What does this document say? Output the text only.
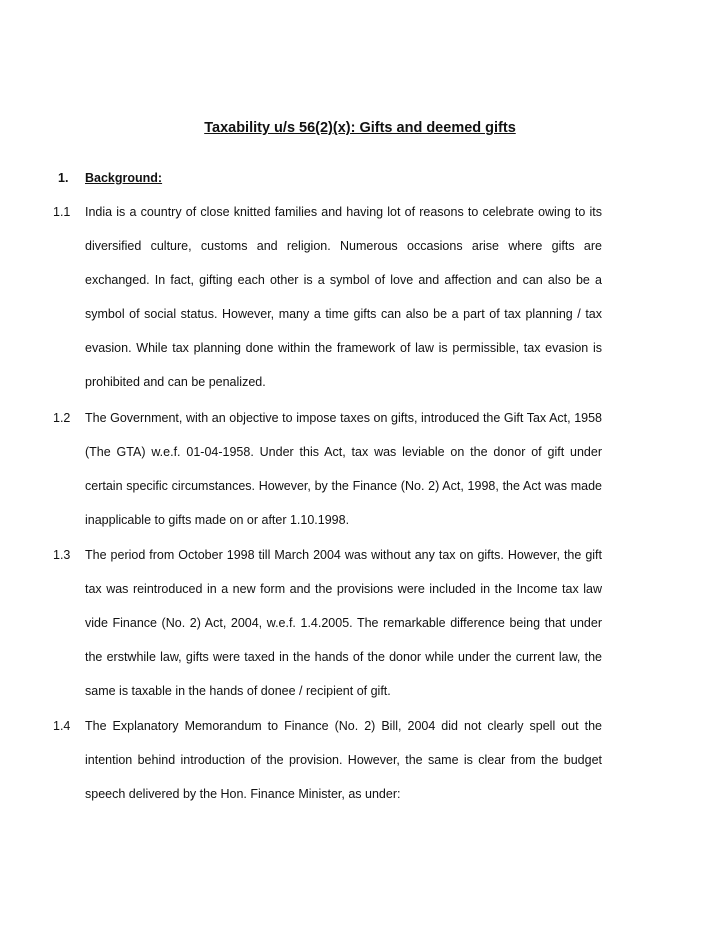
Taxability u/s 56(2)(x): Gifts and deemed gifts
1. Background:
1.1 India is a country of close knitted families and having lot of reasons to celebrate owing to its diversified culture, customs and religion. Numerous occasions arise where gifts are exchanged. In fact, gifting each other is a symbol of love and affection and can also be a symbol of social status. However, many a time gifts can also be a part of tax planning / tax evasion. While tax planning done within the framework of law is permissible, tax evasion is prohibited and can be penalized.
1.2 The Government, with an objective to impose taxes on gifts, introduced the Gift Tax Act, 1958 (The GTA) w.e.f. 01-04-1958. Under this Act, tax was leviable on the donor of gift under certain specific circumstances. However, by the Finance (No. 2) Act, 1998, the Act was made inapplicable to gifts made on or after 1.10.1998.
1.3 The period from October 1998 till March 2004 was without any tax on gifts. However, the gift tax was reintroduced in a new form and the provisions were included in the Income tax law vide Finance (No. 2) Act, 2004, w.e.f. 1.4.2005. The remarkable difference being that under the erstwhile law, gifts were taxed in the hands of the donor while under the current law, the same is taxable in the hands of donee / recipient of gift.
1.4 The Explanatory Memorandum to Finance (No. 2) Bill, 2004 did not clearly spell out the intention behind introduction of the provision. However, the same is clear from the budget speech delivered by the Hon. Finance Minister, as under:
